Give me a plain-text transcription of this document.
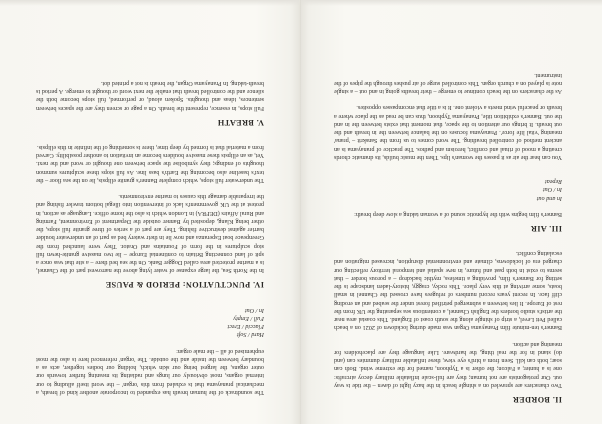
II. BORDER

Two characters are sprawled on a shingle beach in the hazy light of dawn – the tide is way out. Our protagonists are not human; they are full-scale inflatable military decoy aircrafts: one is a hunter, a Falcon; the other is a Typhoon, named for the extreme wind. Both can soar; both can kill. Seen from a bird's eye view, these inflatable military dummies can (and do) stand in for the real thing, the hardware. Like language they are placeholders for meaning and action.

Banner's ten-minute film Pranayama Organ was made during lockdown of 2021 on a beach called Pett Level, a strip of shingle along the south coast of England. This coastal area near the artist's studio borders the English Channel, a contentious sea separating the UK from the rest of Europe. It lies between a submerged petrified forest under the seabed and an eroding cliff face. In recent years record numbers of refugees have crossed the Channel in small boats, some arriving at this very place. This rocky, craggy, history-laden landscape is the setting for Banner's film, providing a timeless, mythic backdrop – a porous border – that seems to exist in both past and future, in new spatial and temporal territory reflecting our charged era of lockdowns, climate and environmental disruption, increased migration and escalating conflict.

III. AIR

Banner's film begins with the hypnotic sound of a woman taking a slow deep breath:

In and out
In / Out
Repeat

You can hear the air as it passes the woman's lips. Then the music builds, its dramatic chords creating a mood of ritual and conflict, heroism and pathos. The practice of pranayama is an ancient method of controlled breathing. The word comes to us from the Sanskrit – 'prana' meaning 'vital life force'. Pranayama focuses on the balance between the in breath and the out breath. It brings our attention to the space, that moment that exists between the in and the out. Banner's exhibition title, Pranayama Typhoon, thus can be read as the place where a breath or peaceful wind meets a violent one. It is a title that encompasses opposites.

As the characters on the beach continue to emerge – their breaths going in and out – a single note is played on a church organ. This controlled surge of air pushes through the pipes of the instrument.

The soundtrack of the human breath has expanded to incorporate another kind of breath, a mechanical pranayama that is exhaled from this 'organ' – the word itself alluding to our internal organs, most obviously our lungs and radiating its meaning further towards our outer organs, the largest being our skin which, holding our bodies together, acts as a boundary between the inside and the outside. The 'organ' referenced here is also the most euphemised of all – the male organ:

Hard / Soft
Flaccid / Erect
Full / Empty
In / Out
IV. PUNCTUATION: PERIOD & PAUSE

In the North Sea, the large expanse of water lying above the narrowest part of the Channel, is a marine protected area called Dogger Bank. On the sea bed there – a site that was once a spit of land connecting Britain to continental Europe – lie two massive granite-hewn full stop sculptures in the form of Fountains and Orator. They were launched from the Greenpeace boat Esperanza and now lie in their watery bed as part of an underwater boulder barrier against destructive fishing. They are part of a series of three granite full stops, the other being Klang, deposited by Banner outside the Department of Environment, Farming and Rural Affairs (DEFRA) in London which is also the home office. Language as action, in protest at the UK government's lack of intervention into illegal bottom trawler fishing and the irreparable damage this causes to marine environments.

The underwater full stops, which complete Banner's granite ellipsis, lie on the sea floor – the text's baseline also becoming the Earth's bass line. As full stops these sculptures summon thoughts of endings; they symbolise the space between one thought or word and the next. Yet, as an ellipsis these massive boulders become an invitation to another possibility. Carved from a material that is formed by deep time, there is something of the infinite in this ellipsis.

V. BREATH

Full stops, in essence, represent the breath. On a page or screen they are the spaces between sentences, ideas and thoughts. Spoken aloud, or performed, full stops become both the silence and the controlled breath that enable the next word or thought to emerge. A period is breath-taking. In Pranayama Organ, the breath is not a printed dot.
